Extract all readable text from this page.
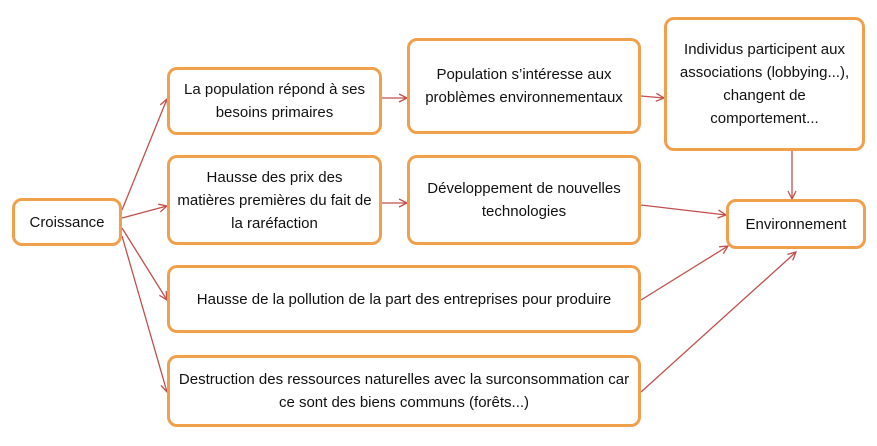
Croissance
La population répond à ses besoins primaires
Population s’intéresse aux problèmes environnementaux
Individus participent aux associations (lobbying...), changent de comportement...
Hausse des prix des matières premières du fait de la raréfaction
Développement de nouvelles technologies
Environnement
Hausse de la pollution de la part des entreprises pour produire
Destruction des ressources naturelles avec la surconsommation car ce sont des biens communs (forêts...)
